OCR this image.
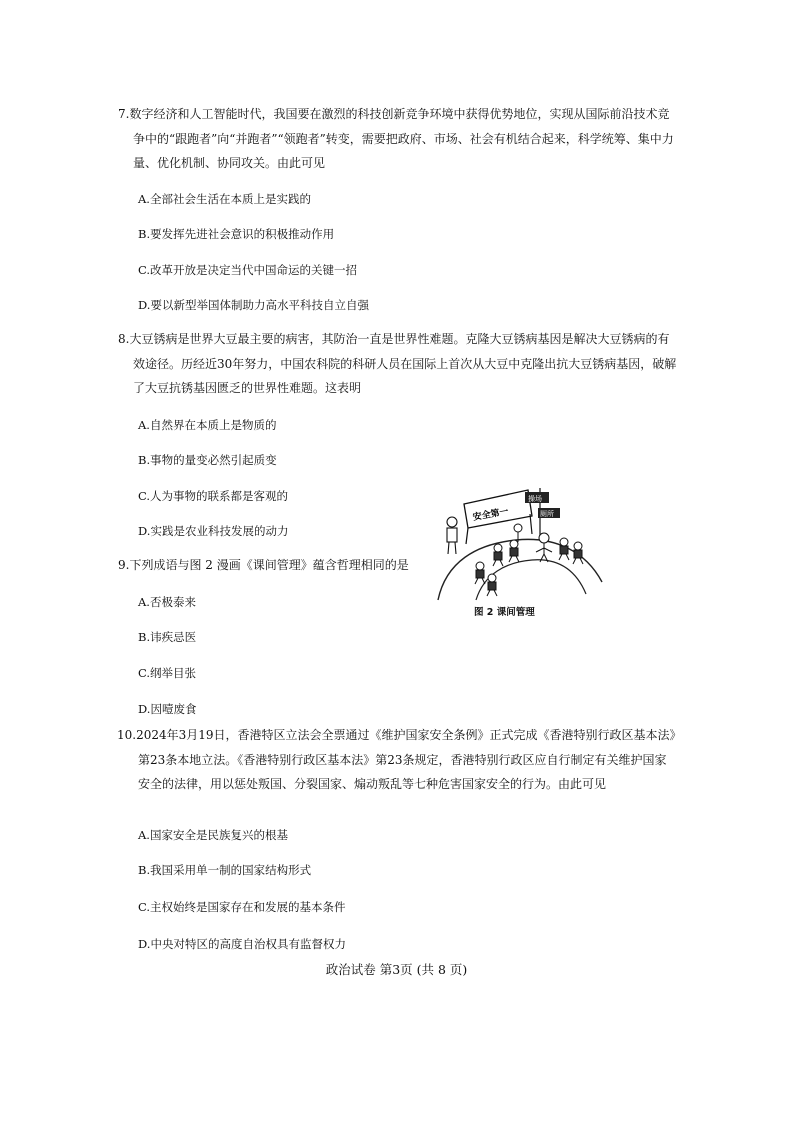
7.数字经济和人工智能时代，我国要在激烈的科技创新竞争环境中获得优势地位，实现从国际前沿技术竞争中的“跟跑者”向“并跑者”“领跑者”转变，需要把政府、市场、社会有机结合起来，科学统筹、集中力量、优化机制、协同攻关。由此可见

A.全部社会生活在本质上是实践的
B.要发挥先进社会意识的积极推动作用
C.改革开放是决定当代中国命运的关键一招
D.要以新型举国体制助力高水平科技自立自强

8.大豆锈病是世界大豆最主要的病害，其防治一直是世界性难题。克隆大豆锈病基因是解决大豆锈病的有效途径。历经近30年努力，中国农科院的科研人员在国际上首次从大豆中克隆出抗大豆锈病基因，破解了大豆抗锈基因匮乏的世界性难题。这表明

A.自然界在本质上是物质的
B.事物的量变必然引起质变
C.人为事物的联系都是客观的
D.实践是农业科技发展的动力

9.下列成语与图 2 漫画《课间管理》蕴含哲理相同的是

A.否极泰来
B.讳疾忌医
C.纲举目张
D.因噎废食
安全第一
操场
厕所
图 2 课间管理

10.2024年3月19日，香港特区立法会全票通过《维护国家安全条例》正式完成《香港特别行政区基本法》第23条本地立法。《香港特别行政区基本法》第23条规定，香港特别行政区应自行制定有关维护国家安全的法律，用以惩处叛国、分裂国家、煽动叛乱等七种危害国家安全的行为。由此可见

A.国家安全是民族复兴的根基
B.我国采用单一制的国家结构形式
C.主权始终是国家存在和发展的基本条件
D.中央对特区的高度自治权具有监督权力
政治试卷 第3页 (共 8 页)
